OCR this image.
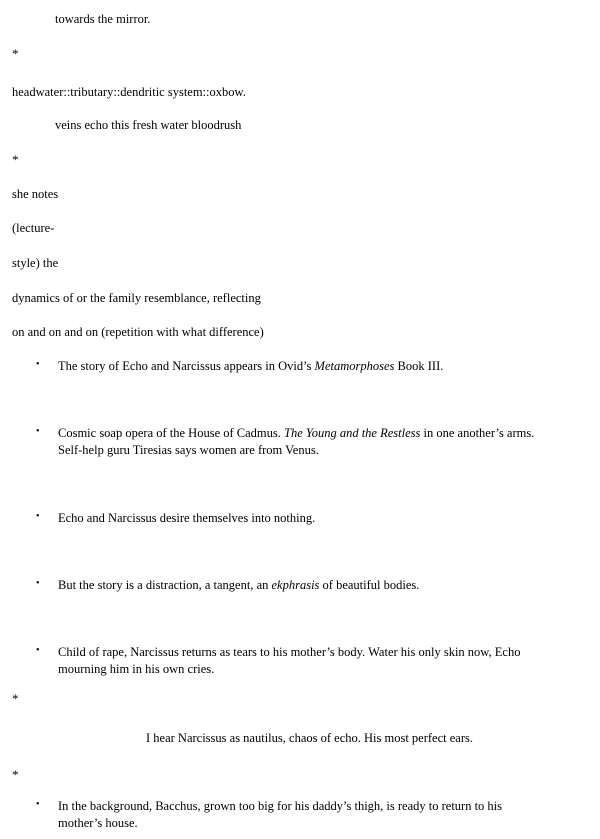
towards the mirror.
*
headwater::tributary::dendritic system::oxbow.
veins echo this fresh water bloodrush
*
she notes
(lecture-
style) the
dynamics of or the family resemblance, reflecting
on and on and on (repetition with what difference)
•	The story of Echo and Narcissus appears in Ovid’s Metamorphoses Book III.
•	Cosmic soap opera of the House of Cadmus. The Young and the Restless in one another’s arms. Self-help guru Tiresias says women are from Venus.
•	Echo and Narcissus desire themselves into nothing.
•	But the story is a distraction, a tangent, an ekphrasis of beautiful bodies.
•	Child of rape, Narcissus returns as tears to his mother’s body. Water his only skin now, Echo mourning him in his own cries.
*
I hear Narcissus as nautilus, chaos of echo. His most perfect ears.
*
•	In the background, Bacchus, grown too big for his daddy’s thigh, is ready to return to his mother’s house.
